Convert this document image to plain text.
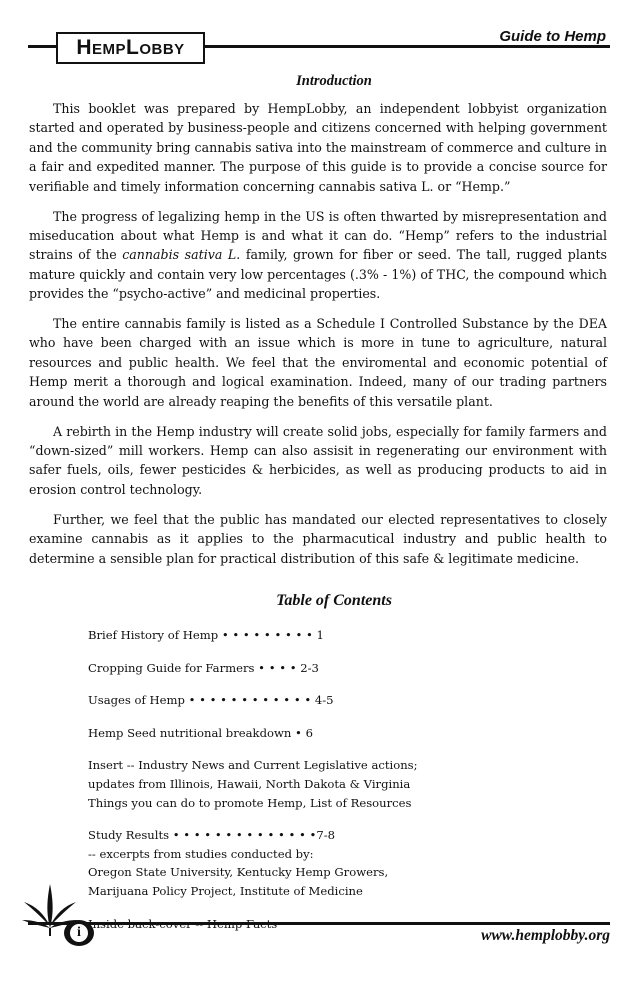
HempLobby	Guide to Hemp
Introduction

This booklet was prepared by HempLobby, an independent lobbyist organization started and operated by business-people and citizens concerned with helping government and the community bring cannabis sativa into the mainstream of commerce and culture in a fair and expedited manner. The purpose of this guide is to provide a concise source for verifiable and timely information concerning cannabis sativa L. or “Hemp.”

The progress of legalizing hemp in the US is often thwarted by misrepresentation and miseducation about what Hemp is and what it can do. “Hemp” refers to the industrial strains of the cannabis sativa L. family, grown for fiber or seed. The tall, rugged plants mature quickly and contain very low percentages (.3% - 1%) of THC, the compound which provides the “psycho-active” and medicinal properties.

The entire cannabis family is listed as a Schedule I Controlled Substance by the DEA who have been charged with an issue which is more in tune to agriculture, natural resources and public health. We feel that the enviromental and economic potential of Hemp merit a thorough and logical examination. Indeed, many of our trading partners around the world are already reaping the benefits of this versatile plant.

A rebirth in the Hemp industry will create solid jobs, especially for family farmers and “down-sized” mill workers. Hemp can also assisit in regenerating our environment with safer fuels, oils, fewer pesticides & herbicides, as well as producing products to aid in erosion control technology.

Further, we feel that the public has mandated our elected representatives to closely examine cannabis as it applies to the pharmacutical industry and public health to determine a sensible plan for practical distribution of this safe & legitimate medicine.

Table of Contents
Brief History of Hemp • • • • • • • • • 1
Cropping Guide for Farmers • • • • 2-3
Usages of Hemp • • • • • • • • • • • • 4-5
Hemp Seed nutritional breakdown • 6
Insert -- Industry News and Current Legislative actions;
updates from Illinois, Hawaii, North Dakota & Virginia
Things you can do to promote Hemp, List of Resources
Study Results • • • • • • • • • • • • • •7-8
-- excerpts from studies conducted by:
Oregon State University, Kentucky Hemp Growers,
Marijuana Policy Project, Institute of Medicine
i	www.hemplobby.org
